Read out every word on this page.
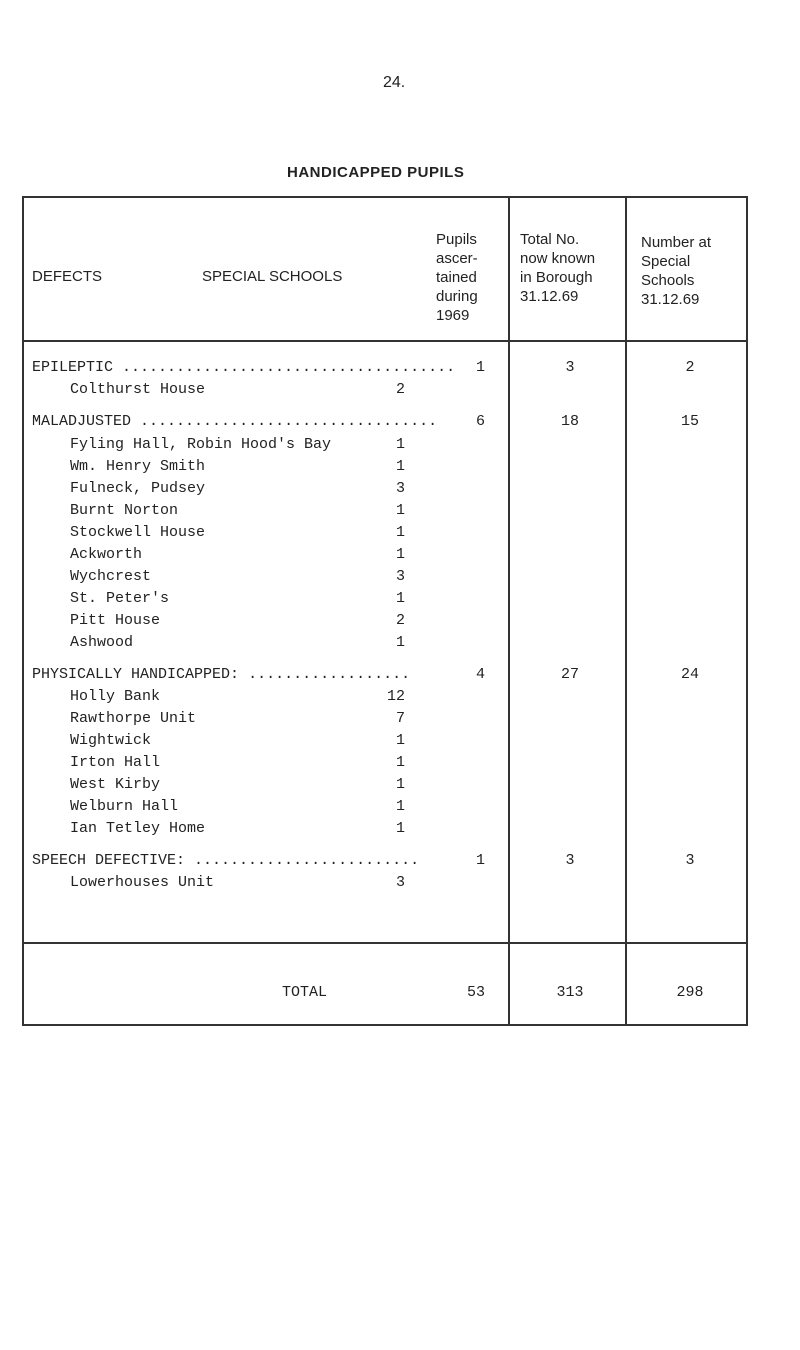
24.
HANDICAPPED PUPILS
DEFECTS	SPECIAL SCHOOLS
Pupils
ascer-
tained
during
1969
Total No.
now known
in Borough
31.12.69
Number at
Special
Schools
31.12.69
EPILEPTIC .....................................	1	3	2
Colthurst House	2
MALADJUSTED .................................	6	18	15
Fyling Hall, Robin Hood's Bay	1
Wm. Henry Smith	1
Fulneck, Pudsey	3
Burnt Norton	1
Stockwell House	1
Ackworth	1
Wychcrest	3
St. Peter's	1
Pitt House	2
Ashwood	1
PHYSICALLY HANDICAPPED: ..................	4	27	24
Holly Bank	12
Rawthorpe Unit	7
Wightwick	1
Irton Hall	1
West Kirby	1
Welburn Hall	1
Ian Tetley Home	1
SPEECH DEFECTIVE: .........................	1	3	3
Lowerhouses Unit	3
TOTAL	53	313	298
